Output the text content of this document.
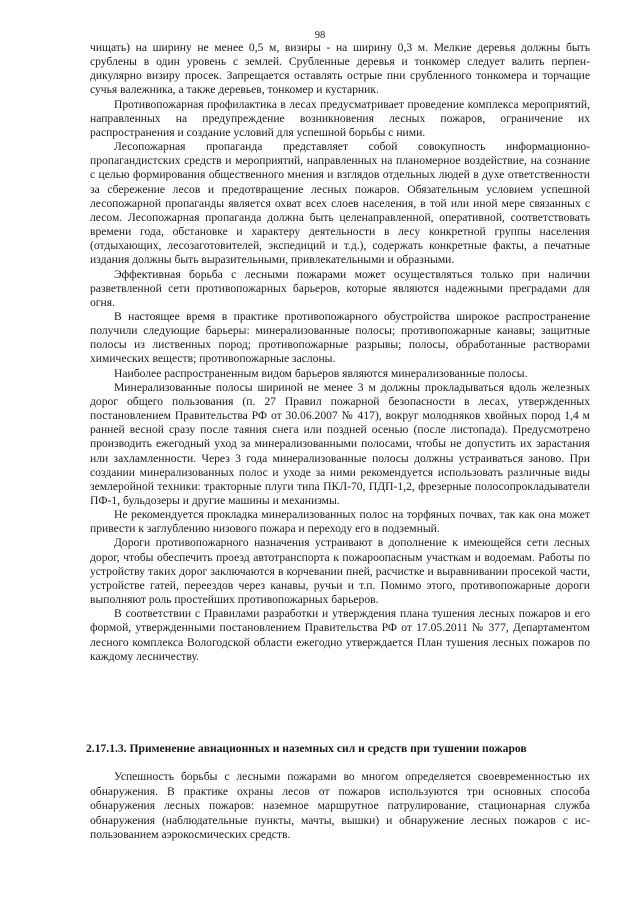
98

чищать) на ширину не менее 0,5 м, визиры - на ширину 0,3 м. Мелкие деревья должны быть срублены в один уровень с землей. Срубленные деревья и тонкомер следует валить перпендикулярно визиру просек. Запрещается оставлять острые пни срубленного тонкомера и торчащие сучья валежника, а также деревьев, тонкомер и кустарник.

Противопожарная профилактика в лесах предусматривает проведение комплекса мероприятий, направленных на предупреждение возникновения лесных пожаров, ограничение их распространения и создание условий для успешной борьбы с ними.

Лесопожарная пропаганда представляет собой совокупность информационно-пропагандистских средств и мероприятий, направленных на планомерное воздействие, на сознание с целью формирования общественного мнения и взглядов отдельных людей в духе ответственности за сбережение лесов и предотвращение лесных пожаров. Обязательным условием успешной лесопожарной пропаганды является охват всех слоев населения, в той или иной мере связанных с лесом. Лесопожарная пропаганда должна быть целенаправленной, оперативной, соответствовать времени года, обстановке и характеру деятельности в лесу конкретной группы населения (отдыхающих, лесозаготовителей, экспедиций и т.д.), содержать конкретные факты, а печатные издания должны быть выразительными, привлекательными и образными.

Эффективная борьба с лесными пожарами может осуществляться только при наличии разветвленной сети противопожарных барьеров, которые являются надежными преградами для огня.

В настоящее время в практике противопожарного обустройства широкое распространение получили следующие барьеры: минерализованные полосы; противопожарные канавы; защитные полосы из лиственных пород; противопожарные разрывы; полосы, обработанные растворами химических веществ; противопожарные заслоны.

Наиболее распространенным видом барьеров являются минерализованные полосы.

Минерализованные полосы шириной не менее 3 м должны прокладываться вдоль железных дорог общего пользования (п. 27 Правил пожарной безопасности в лесах, утвержденных постановлением Правительства РФ от 30.06.2007 № 417), вокруг молодняков хвойных пород 1,4 м ранней весной сразу после таяния снега или поздней осенью (после листопада). Предусмотрено производить ежегодный уход за минерализованными полосами, чтобы не допустить их зарастания или захламленности. Через 3 года минерализованные полосы должны устраиваться заново. При создании минерализованных полос и уходе за ними рекомендуется использовать различные виды землеройной техники: тракторные плуги типа ПКЛ-70, ПДП-1,2, фрезерные полосопрокладыватели ПФ-1, бульдозеры и другие машины и механизмы.

Не рекомендуется прокладка минерализованных полос на торфяных почвах, так как она может привести к заглублению низового пожара и переходу его в подземный.

Дороги противопожарного назначения устраивают в дополнение к имеющейся сети лесных дорог, чтобы обеспечить проезд автотранспорта к пожароопасным участкам и водоемам. Работы по устройству таких дорог заключаются в корчевании пней, расчистке и выравнивании просекой части, устройстве гатей, переездов через канавы, ручьи и т.п. Помимо этого, противопожарные дороги выполняют роль простейших противопожарных барьеров.

В соответствии с Правилами разработки и утверждения плана тушения лесных пожаров и его формой, утвержденными постановлением Правительства РФ от 17.05.2011 № 377, Департаментом лесного комплекса Вологодской области ежегодно утверждается План тушения лесных пожаров по каждому лесничеству.

2.17.1.3. Применение авиационных и наземных сил и средств при тушении пожаров

Успешность борьбы с лесными пожарами во многом определяется своевременностью их обнаружения. В практике охраны лесов от пожаров используются три основных способа обнаружения лесных пожаров: наземное маршрутное патрулирование, стационарная служба обнаружения (наблюдательные пункты, мачты, вышки) и обнаружение лесных пожаров с использованием аэрокосмических средств.
